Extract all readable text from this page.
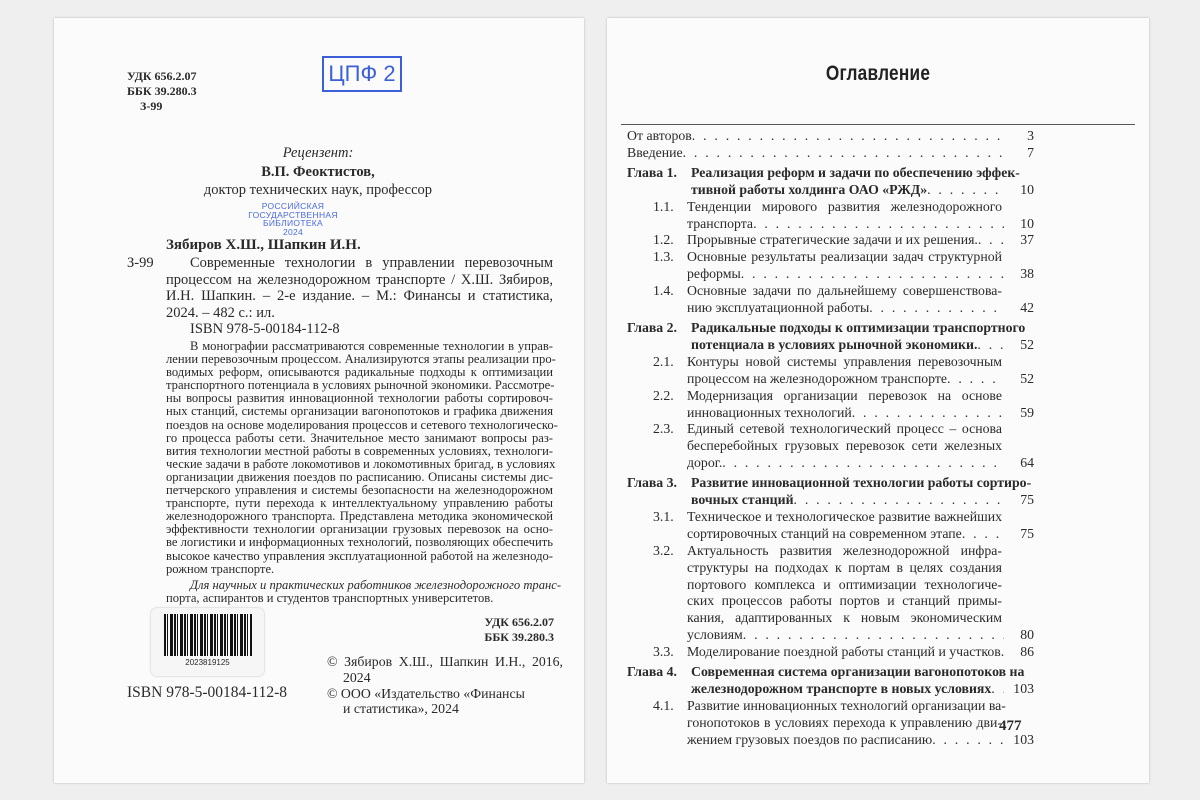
УДК 656.2.07
ББК 39.280.3
З-99
ЦПФ 2
Рецензент:
В.П. Феоктистов,
доктор технических наук, профессор
РОССИЙСКАЯ
ГОСУДАРСТВЕННАЯ
БИБЛИОТЕКА
2024
Зябиров Х.Ш., Шапкин И.Н.
З-99	Современные технологии в управлении перевозочным
процессом на железнодорожном транспорте / Х.Ш. Зябиров,
И.Н. Шапкин. – 2-е издание. – М.: Финансы и статистика,
2024. – 482 с.: ил.
ISBN 978-5-00184-112-8
В монографии рассматриваются современные технологии в управ-
лении перевозочным процессом. Анализируются этапы реализации про-
водимых реформ, описываются радикальные подходы к оптимизации
транспортного потенциала в условиях рыночной экономики. Рассмотре-
ны вопросы развития инновационной технологии работы сортировоч-
ных станций, системы организации вагонопотоков и графика движения
поездов на основе моделирования процессов и сетевого технологическо-
го процесса работы сети. Значительное место занимают вопросы раз-
вития технологии местной работы в современных условиях, технологи-
ческие задачи в работе локомотивов и локомотивных бригад, в условиях
организации движения поездов по расписанию. Описаны системы дис-
петчерского управления и системы безопасности на железнодорожном
транспорте, пути перехода к интеллектуальному управлению работы
железнодорожного транспорта. Представлена методика экономической
эффективности технологии организации грузовых перевозок на осно-
ве логистики и информационных технологий, позволяющих обеспечить
высокое качество управления эксплуатационной работой на железнодо-
рожном транспорте.
Для научных и практических работников железнодорожного транс-
порта, аспирантов и студентов транспортных университетов.
УДК 656.2.07
ББК 39.280.3
2023819125
ISBN 978-5-00184-112-8
© Зябиров Х.Ш., Шапкин И.Н., 2016,
2024
© ООО «Издательство «Финансы
и статистика», 2024
Оглавление
От авторов . . .	3
Введение . . .	7
Глава 1. Реализация реформ и задачи по обеспечению эффек-
тивной работы холдинга ОАО «РЖД» . . .	10
1.1. Тенденции мирового развития железнодорожного
транспорта . . .	10
1.2. Прорывные стратегические задачи и их решения. . . .	37
1.3. Основные результаты реализации задач структурной
реформы . . .	38
1.4. Основные задачи по дальнейшему совершенствова-
нию эксплуатационной работы . . .	42
Глава 2. Радикальные подходы к оптимизации транспортного
потенциала в условиях рыночной экономики. . . .	52
2.1. Контуры новой системы управления перевозочным
процессом на железнодорожном транспорте . . .	52
2.2. Модернизация организации перевозок на основе
инновационных технологий . . .	59
2.3. Единый сетевой технологический процесс – основа
бесперебойных грузовых перевозок сети железных
дорог. . . .	64
Глава 3. Развитие инновационной технологии работы сортиро-
вочных станций . . .	75
3.1. Техническое и технологическое развитие важнейших
сортировочных станций на современном этапе . . .	75
3.2. Актуальность развития железнодорожной инфра-
структуры на подходах к портам в целях создания
портового комплекса и оптимизации технологиче-
ских процессов работы портов и станций примы-
кания, адаптированных к новым экономическим
условиям . . .	80
3.3. Моделирование поездной работы станций и участков.	86
Глава 4. Современная система организации вагонопотоков на
железнодорожном транспорте в новых условиях . . .	103
4.1. Развитие инновационных технологий организации ва-
гонопотоков в условиях перехода к управлению дви-
жением грузовых поездов по расписанию . . .	103
477
